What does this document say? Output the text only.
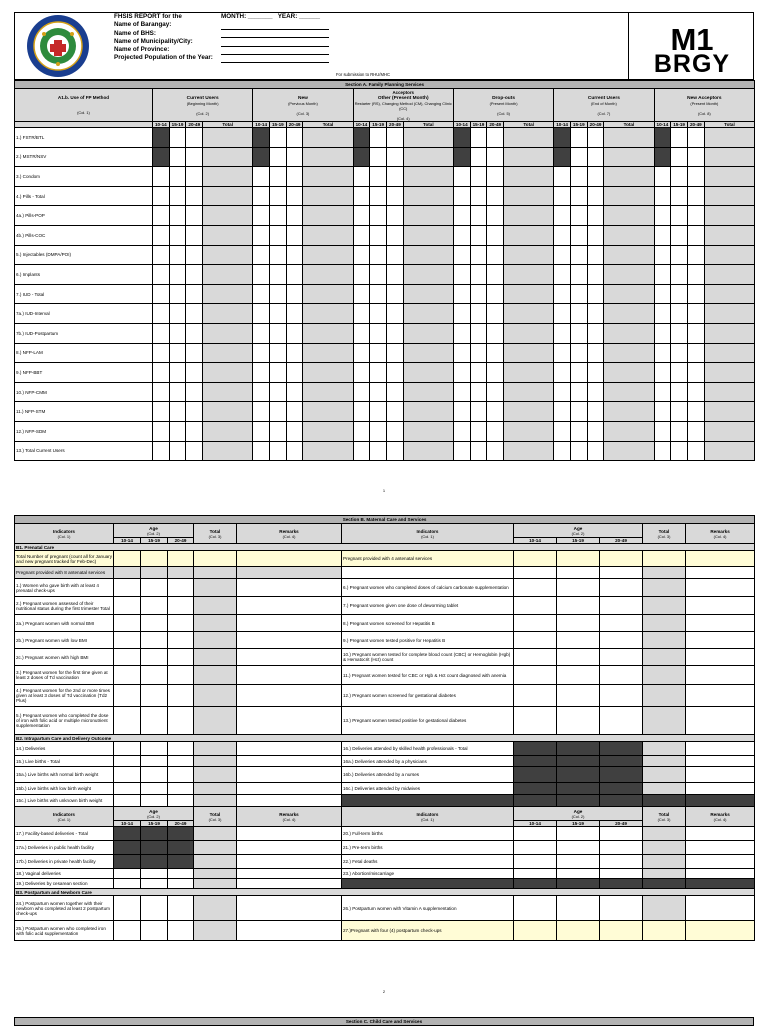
FHSIS REPORT for the
Name of Barangay:
Name of BHS:
Name of Municipality/City:
Name of Province:
Projected Population of the Year:
MONTH: _______ YEAR: ______
For submission to RHU/MHC
M1
BRGY
Section A. Family Planning Services																								
A1.b. Use of FP Method

(Col. 1)	Current Users
(Beginning Month)

(Col. 2)				New
(Previous Month)

(Col. 3)				Acceptors
Other (Present Month)
Restarter (RS), Changing Method (CM), Changing Clinic (CC)

(Col. 4)				Drop-outs
(Present Month)

(Col. 5)				Current Users
(End of Month)

(Col. 7)				New Acceptors
(Present Month)

(Col. 8)			

	10-14	15-19	20-49	Total	10-14	15-19	20-49	Total	10-14	15-19	20-49	Total	10-14	15-19	20-49	Total	10-14	15-19	20-49	Total	10-14	15-19	20-49	Total
1.) FSTR/BTL																								
2.) MSTR/NSV																								
3.) Condom																								
4.) Pills - Total																								
4a.) Pills-POP																								
4b.) Pills-COC																								
5.) Injectables (DMPA/POI)																								
6.) Implants																								
7.) IUD - Total																								
7a.) IUD-Interval																								
7b.) IUD-Postpartum																								
8.) NFP-LAM																								
9.) NFP-BBT																								
10.) NFP-CMM																								
11.) NFP-STM																								
12.) NFP-SDM																								
13.) Total Current Users																								
1
Section B. Maternal Care and Services											
Indicators

(Col. 1)	Age

(Col. 2)			Total

(Col. 3)	Remarks

(Col. 4)	Indicators

(Col. 1)	Age

(Col. 2)			Total

(Col. 3)	Remarks

(Col. 4)

	10-14	15-19	20-49				10-14	15-19	20-49		
B1. Prenatal Care											
Total Number of pregnant (count all for January and new pregnant tracked for Feb-Dec)						Pregnant provided with 4 antenatal services					
Pregnant provided with 8 antenatal services											
1.) Women who gave birth with at least 4 prenatal check-ups						6.) Pregnant women who completed doses of calcium carbonate supplementation					
2.) Pregnant women assessed of their nutritional status during the first trimester Total						7.) Pregnant women given one dose of deworming tablet					
2a.) Pregnant women with normal BMI						8.) Pregnant women screened for Hepatitis B					
2b.) Pregnant women with low BMI						9.) Pregnant women tested positive for Hepatitis B					
2c.) Pregnant women with high BMI						10.) Pregnant women tested for complete blood count (CBC) or Hemoglobin (Hgb) & Hematocrit (Hct) count					
3.) Pregnant women for the first time given at least 2 doses of Td vaccination						11.) Pregnant women tested for CBC or Hgb & Hct count diagnosed with anemia					
4.) Pregnant women for the 2nd or more times given at least 3 doses of Td vaccination (Td2 Plus)						12.) Pregnant women screened for gestational diabetes					
5.) Pregnant women who completed the dose of iron with folic acid or multiple micronutrient supplementation						13.) Pregnant women tested positive for gestational diabetes					
B2. Intrapartum Care and Delivery Outcome											
14.) Deliveries						16.) Deliveries attended by skilled health professionals - Total					
15.) Live births - Total						16a.) Deliveries attended by a physicians					
15a.) Live births with normal birth weight						16b.) Deliveries attended by a nurses					
15b.) Live births with low birth weight						16c.) Deliveries attended by midwives					
15c.) Live births with unknown birth weight											
Indicators

(Col. 1)	Age

(Col. 2)			Total

(Col. 3)	Remarks

(Col. 4)	Indicators

(Col. 1)	Age

(Col. 2)			Total

(Col. 3)	Remarks

(Col. 4)

	10-14	15-19	20-49				10-14	15-19	20-49		
17.) Facility-based deliveries - Total						20.) Full-term births					
17a.) Deliveries in public health facility						21.) Pre-term births					
17b.) Deliveries in private health facility						22.) Fetal deaths					
18.) Vaginal deliveries						23.) Abortion/miscarriage					
19.) Deliveries by cesarean section											
B3. Postpartum and Newborn Care											
24.) Postpartum women together with their newborn who completed at least 2 postpartum check-ups						26.) Postpartum women with Vitamin A supplementation					
25.) Postpartum women who completed iron with folic acid supplementation						27.)Pregnant with four (4) postpartum check-ups					
2
Section C. Child Care and Services
